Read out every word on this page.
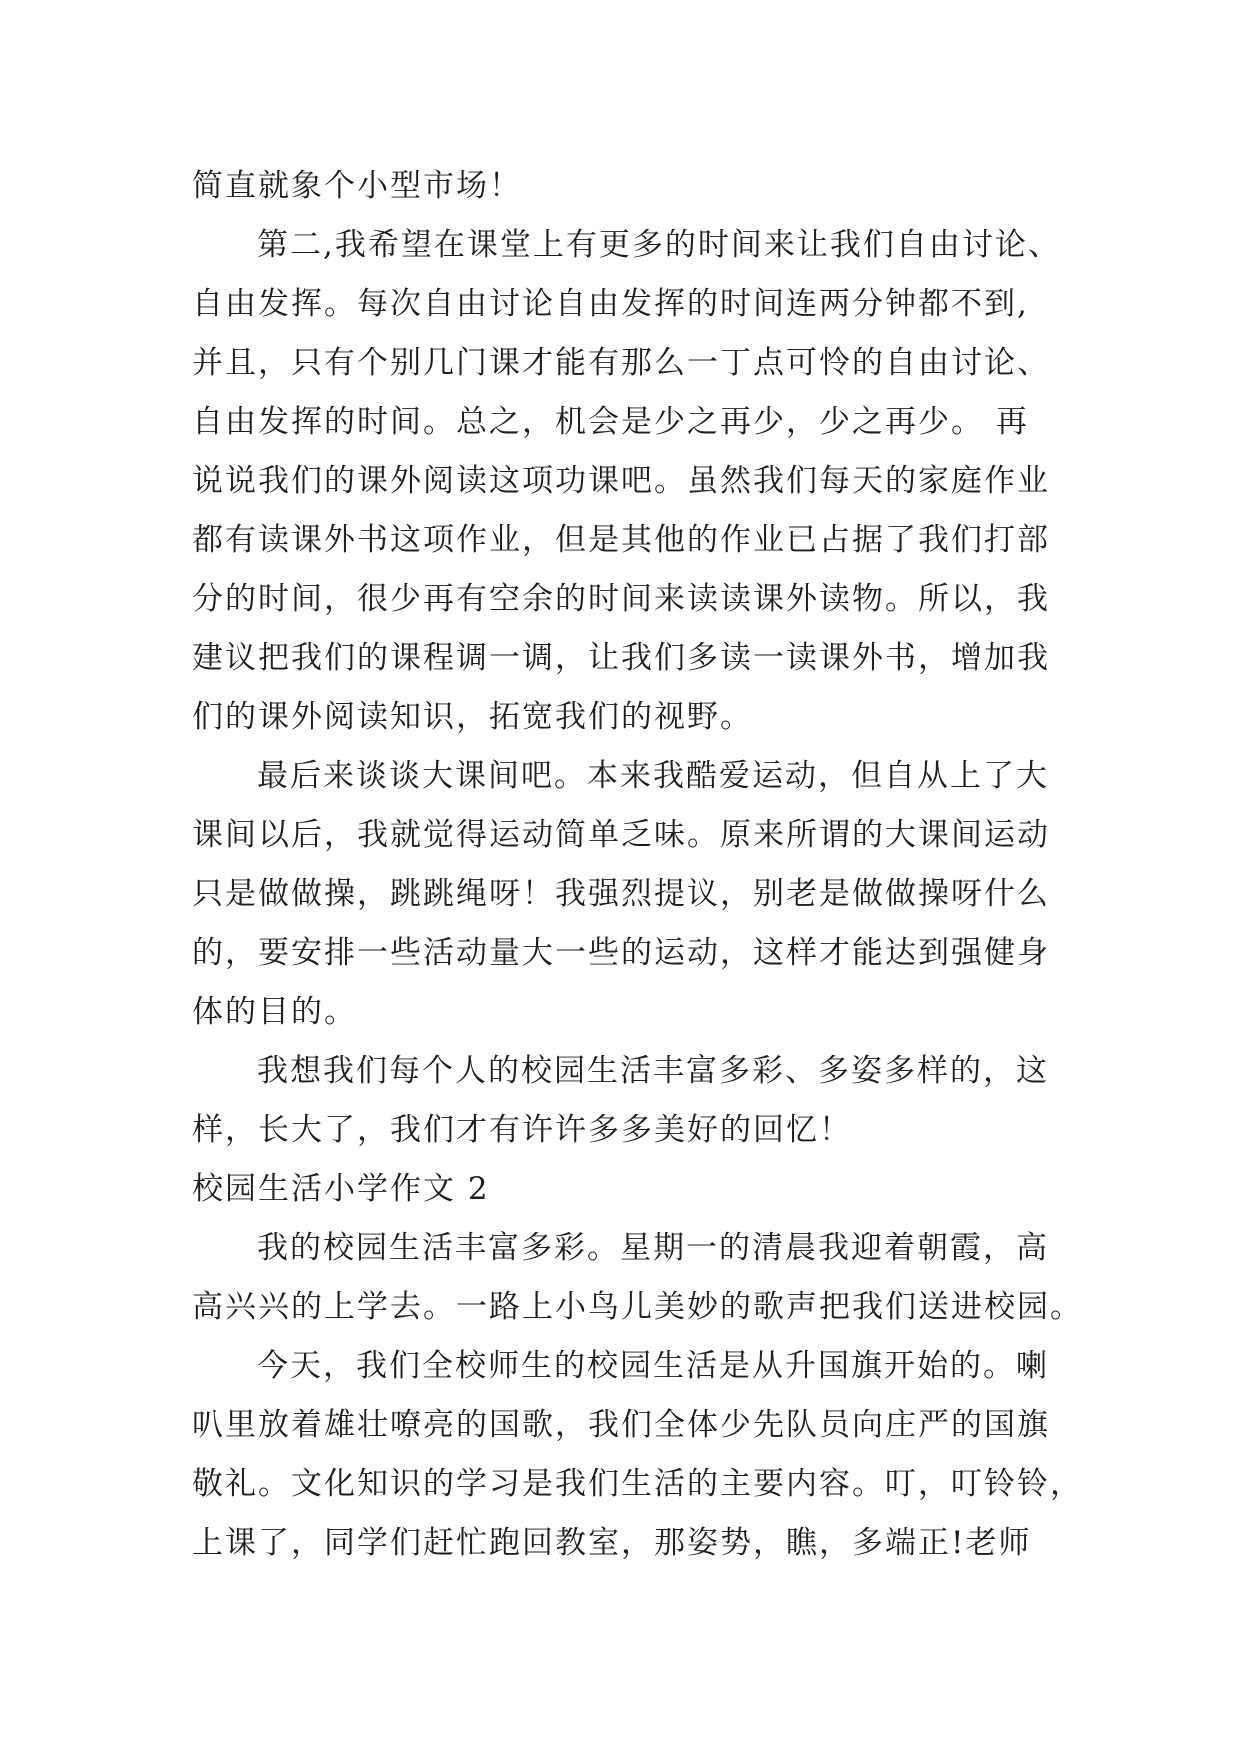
简直就象个小型市场！
第二,我希望在课堂上有更多的时间来让我们自由讨论、
自由发挥。每次自由讨论自由发挥的时间连两分钟都不到,
并且，只有个别几门课才能有那么一丁点可怜的自由讨论、
自由发挥的时间。总之，机会是少之再少，少之再少。 再
说说我们的课外阅读这项功课吧。虽然我们每天的家庭作业
都有读课外书这项作业，但是其他的作业已占据了我们打部
分的时间，很少再有空余的时间来读读课外读物。所以，我
建议把我们的课程调一调，让我们多读一读课外书，增加我
们的课外阅读知识，拓宽我们的视野。
最后来谈谈大课间吧。本来我酷爱运动，但自从上了大
课间以后，我就觉得运动简单乏味。原来所谓的大课间运动
只是做做操，跳跳绳呀！我强烈提议，别老是做做操呀什么
的，要安排一些活动量大一些的运动，这样才能达到强健身
体的目的。
我想我们每个人的校园生活丰富多彩、多姿多样的，这
样，长大了，我们才有许许多多美好的回忆！
校园生活小学作文 2
我的校园生活丰富多彩。星期一的清晨我迎着朝霞，高
高兴兴的上学去。一路上小鸟儿美妙的歌声把我们送进校园。
今天，我们全校师生的校园生活是从升国旗开始的。喇
叭里放着雄壮嘹亮的国歌，我们全体少先队员向庄严的国旗
敬礼。文化知识的学习是我们生活的主要内容。叮，叮铃铃，
上课了，同学们赶忙跑回教室，那姿势，瞧，多端正!老师
